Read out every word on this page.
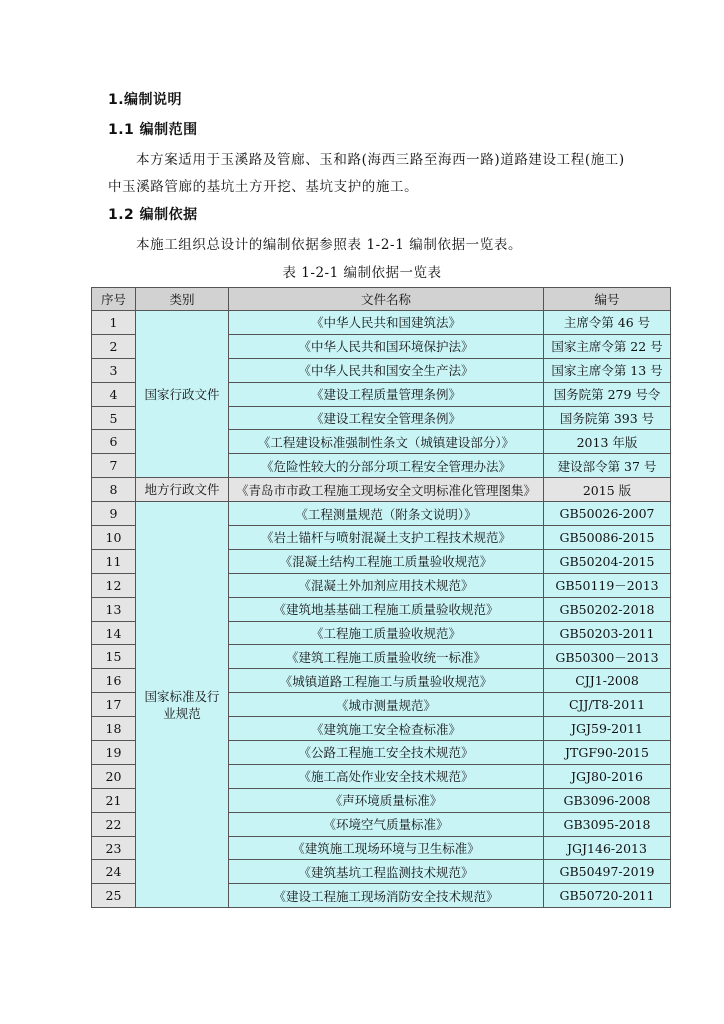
1.编制说明
1.1 编制范围
本方案适用于玉溪路及管廊、玉和路(海西三路至海西一路)道路建设工程(施工)
中玉溪路管廊的基坑土方开挖、基坑支护的施工。
1.2 编制依据
本施工组织总设计的编制依据参照表 1-2-1 编制依据一览表。
表 1-2-1 编制依据一览表
序号	类别	文件名称	编号
1	国家行政文件	《中华人民共和国建筑法》	主席令第 46 号
2		《中华人民共和国环境保护法》	国家主席令第 22 号
3		《中华人民共和国安全生产法》	国家主席令第 13 号
4		《建设工程质量管理条例》	国务院第 279 号令
5		《建设工程安全管理条例》	国务院第 393 号
6		《工程建设标准强制性条文（城镇建设部分）》	2013 年版
7		《危险性较大的分部分项工程安全管理办法》	建设部令第 37 号
8	地方行政文件	《青岛市市政工程施工现场安全文明标准化管理图集》	2015 版
9	国家标准及行
业规范	《工程测量规范（附条文说明）》	GB50026-2007
10		《岩土锚杆与喷射混凝土支护工程技术规范》	GB50086-2015
11		《混凝土结构工程施工质量验收规范》	GB50204-2015
12		《混凝土外加剂应用技术规范》	GB50119－2013
13		《建筑地基基础工程施工质量验收规范》	GB50202-2018
14		《工程施工质量验收规范》	GB50203-2011
15		《建筑工程施工质量验收统一标准》	GB50300－2013
16		《城镇道路工程施工与质量验收规范》	CJJ1-2008
17		《城市测量规范》	CJJ/T8-2011
18		《建筑施工安全检查标准》	JGJ59-2011
19		《公路工程施工安全技术规范》	JTGF90-2015
20		《施工高处作业安全技术规范》	JGJ80-2016
21		《声环境质量标准》	GB3096-2008
22		《环境空气质量标准》	GB3095-2018
23		《建筑施工现场环境与卫生标准》	JGJ146-2013
24		《建筑基坑工程监测技术规范》	GB50497-2019
25		《建设工程施工现场消防安全技术规范》	GB50720-2011
